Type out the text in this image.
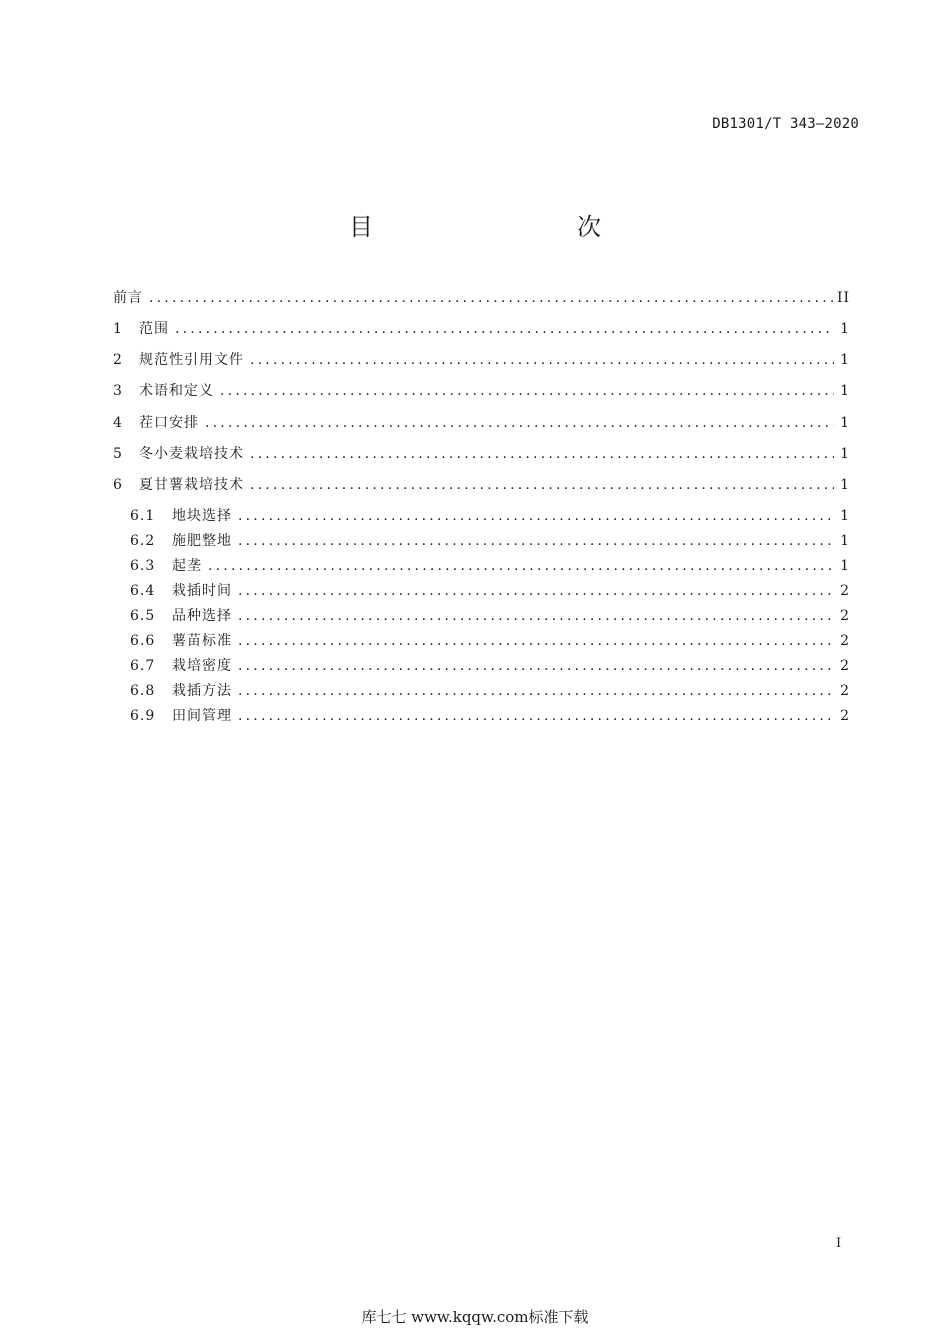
DB1301/T 343—2020
目　　次
前言 .....	II
1	范围 .....	1
2	规范性引用文件 .....	1
3	术语和定义 .....	1
4	茬口安排 .....	1
5	冬小麦栽培技术 .....	1
6	夏甘薯栽培技术 .....	1
6.1	地块选择 .....	1
6.2	施肥整地 .....	1
6.3	起垄 .....	1
6.4	栽插时间 .....	2
6.5	品种选择 .....	2
6.6	薯苗标准 .....	2
6.7	栽培密度 .....	2
6.8	栽插方法 .....	2
6.9	田间管理 .....	2
I
库七七 www.kqqw.com标准下载
